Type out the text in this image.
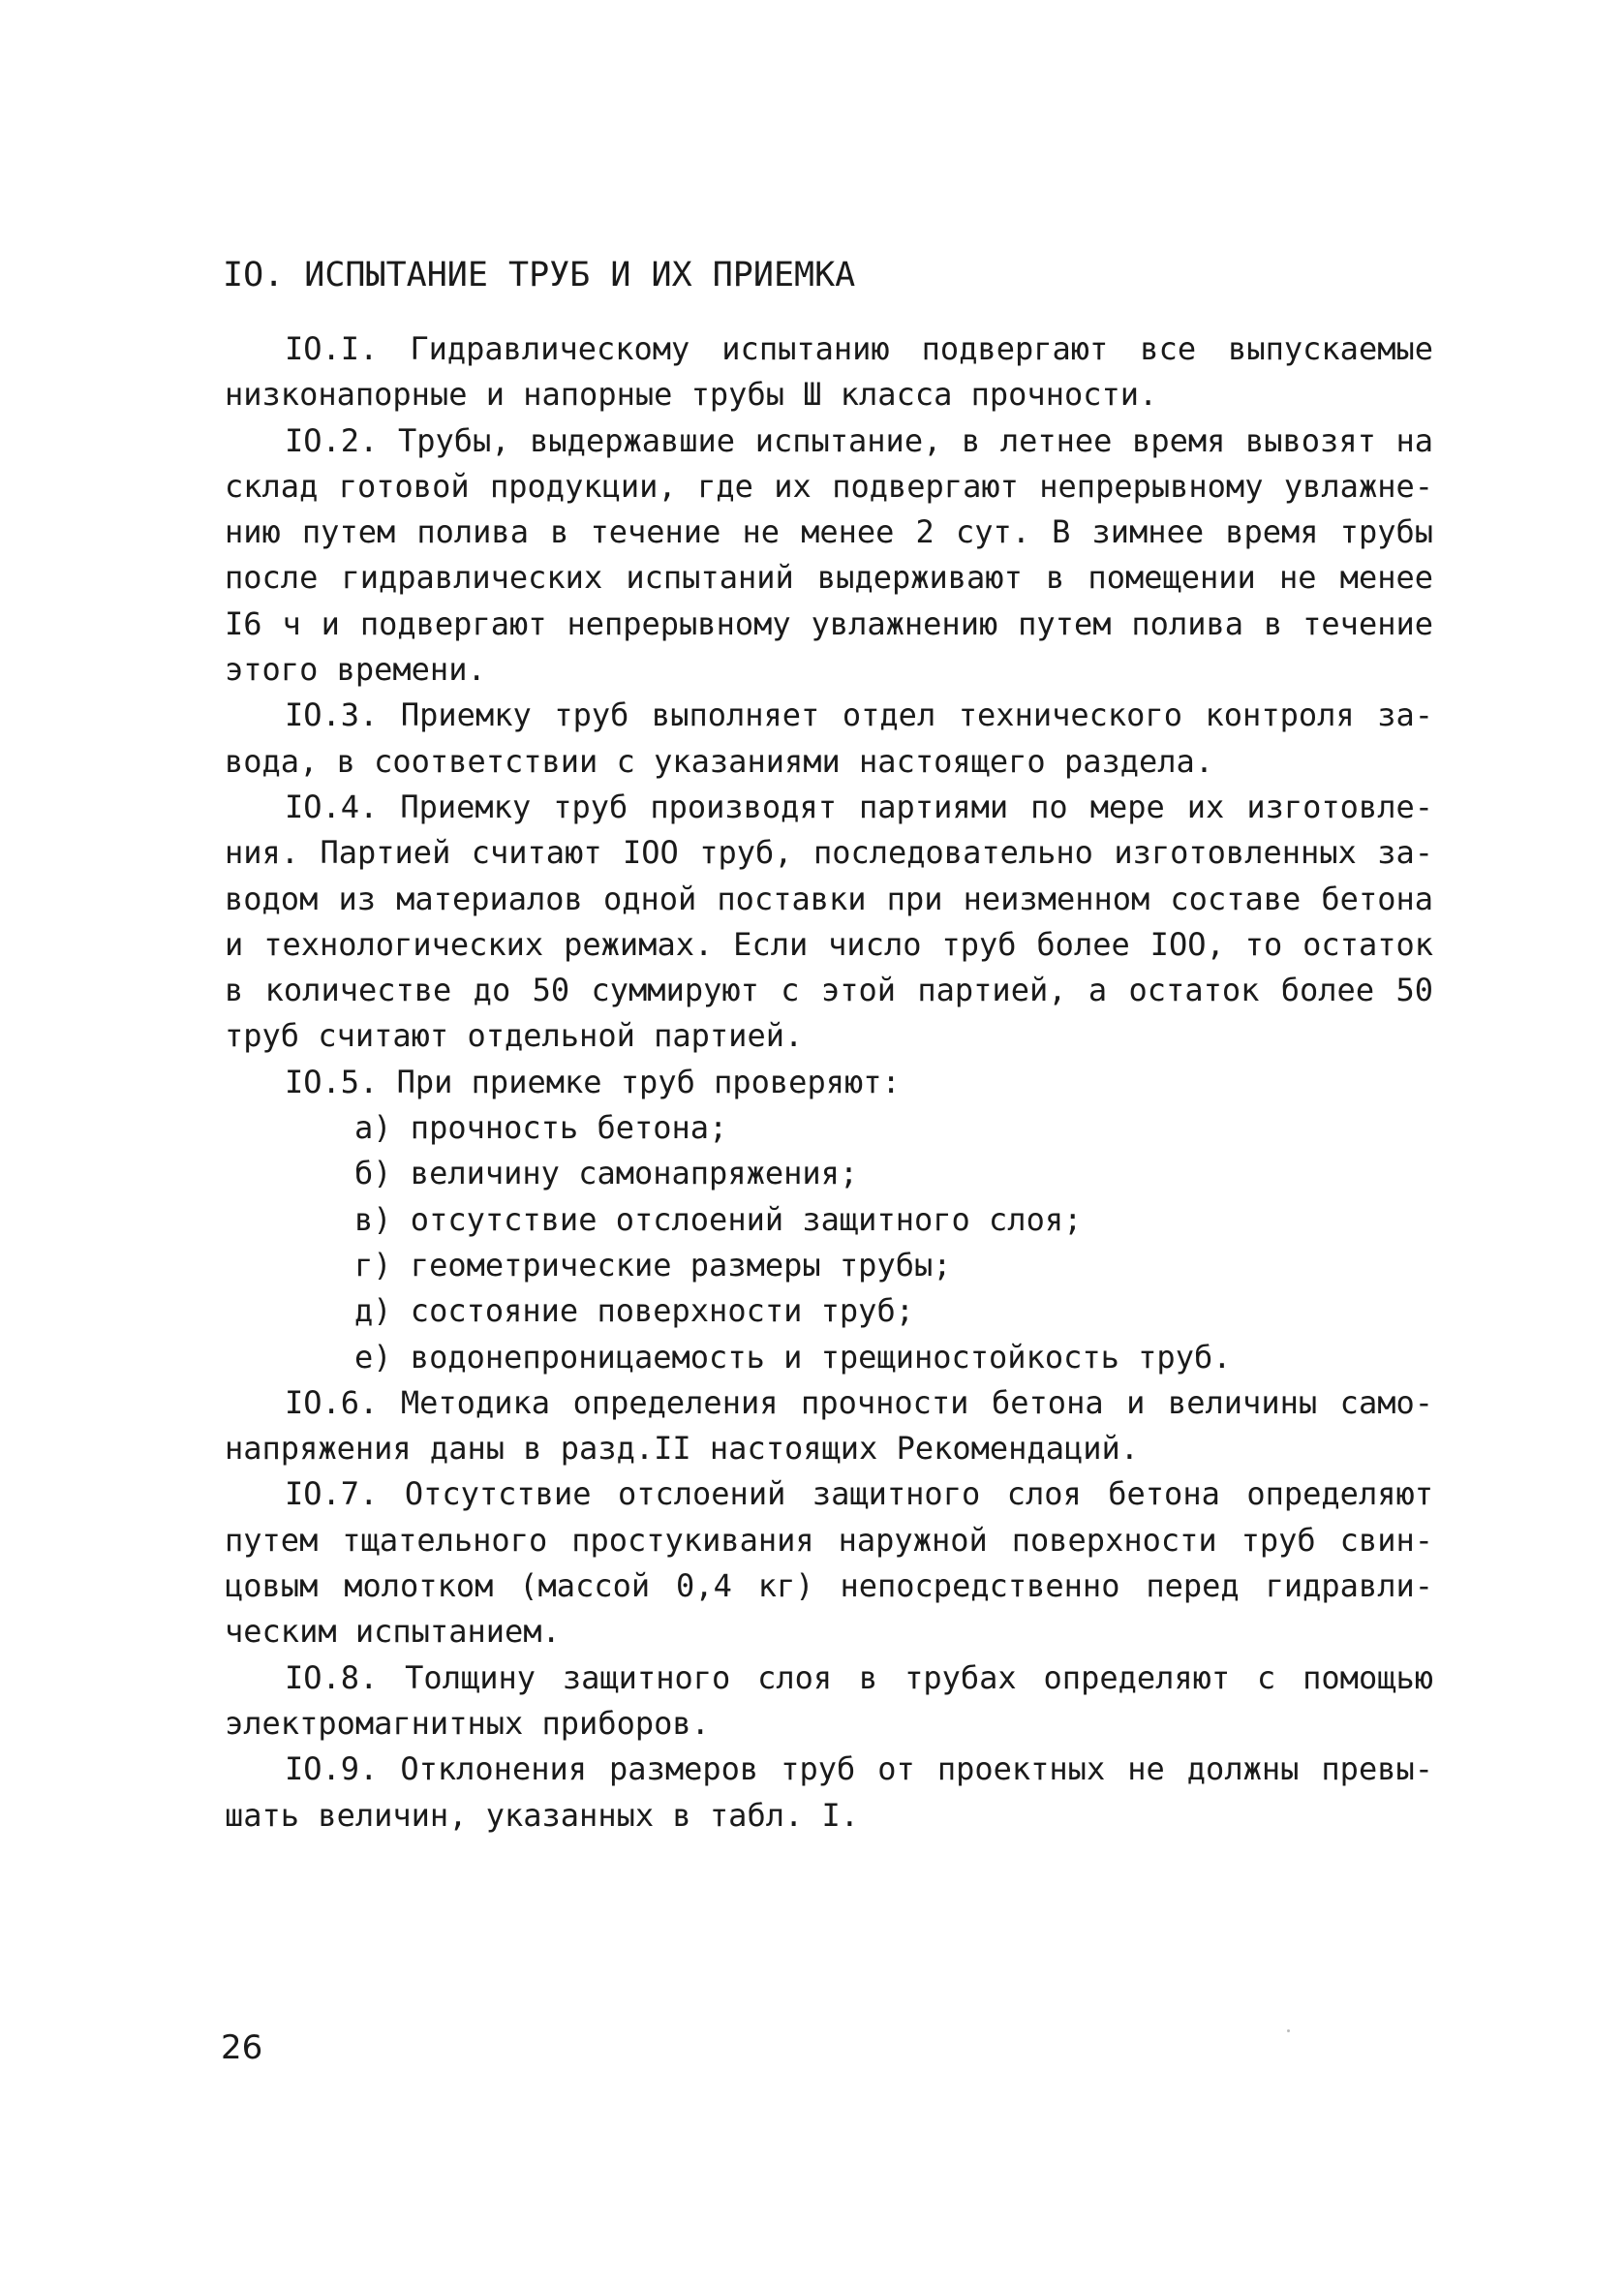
IO. ИСПЫТАНИЕ ТРУБ И ИХ ПРИЕМКА
IO.I. Гидравлическому испытанию подвергают все выпускаемые
низконапорные и напорные трубы Ш класса прочности.
IO.2. Трубы, выдержавшие испытание, в летнее время вывозят на
склад готовой продукции, где их подвергают непрерывному увлажне-
нию путем полива в течение не менее 2 сут. В зимнее время трубы
после гидравлических испытаний выдерживают в помещении не менее
I6 ч и подвергают непрерывному увлажнению путем полива в течение
этого времени.
IO.3. Приемку труб выполняет отдел технического контроля за-
вода, в соответствии с указаниями настоящего раздела.
IO.4. Приемку труб производят партиями по мере их изготовле-
ния. Партией считают IOO труб, последовательно изготовленных за-
водом из материалов одной поставки при неизменном составе бетона
и технологических режимах. Если число труб более IOO, то остаток
в количестве до 50 суммируют с этой партией, а остаток более 50
труб считают отдельной партией.
IO.5. При приемке труб проверяют:
а) прочность бетона;
б) величину самонапряжения;
в) отсутствие отслоений защитного слоя;
г) геометрические размеры трубы;
д) состояние поверхности труб;
е) водонепроницаемость и трещиностойкость труб.
IO.6. Методика определения прочности бетона и величины само-
напряжения даны в разд.II настоящих Рекомендаций.
IO.7. Отсутствие отслоений защитного слоя бетона определяют
путем тщательного простукивания наружной поверхности труб свин-
цовым молотком (массой 0,4 кг) непосредственно перед гидравли-
ческим испытанием.
IO.8. Толщину защитного слоя в трубах определяют с помощью
электромагнитных приборов.
IO.9. Отклонения размеров труб от проектных не должны превы-
шать величин, указанных в табл. I.
26
